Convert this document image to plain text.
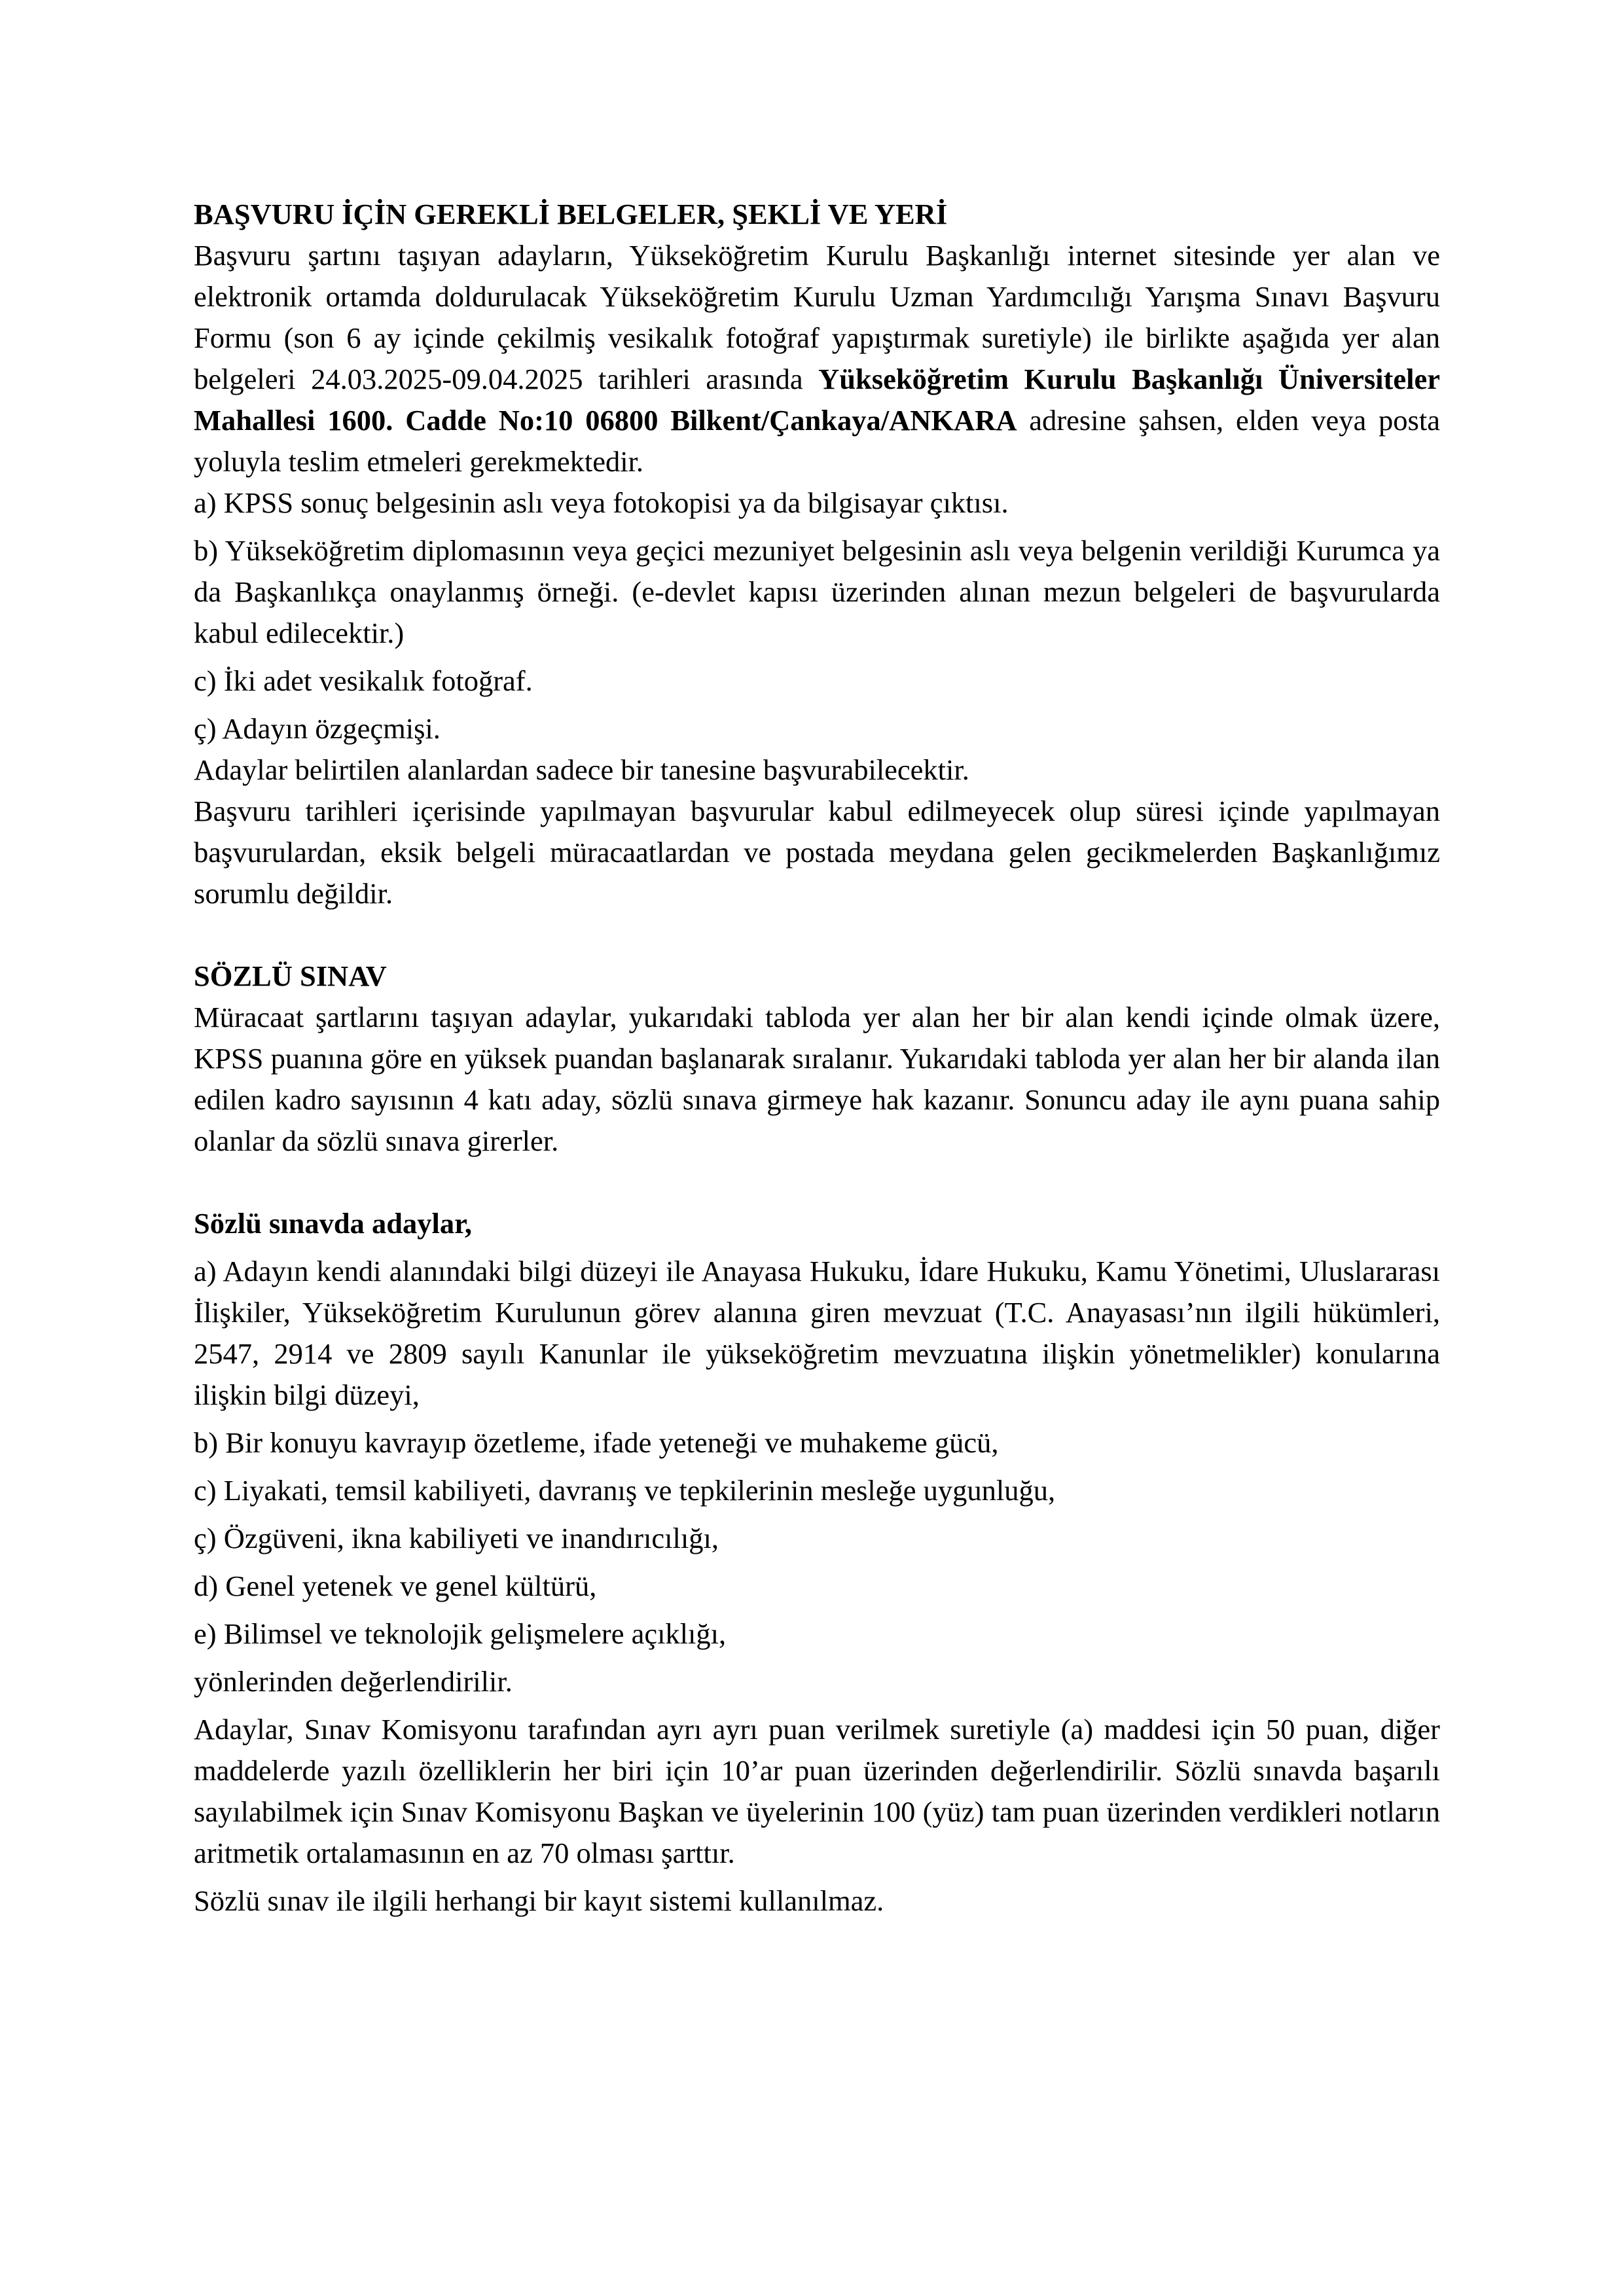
BAŞVURU İÇİN GEREKLİ BELGELER, ŞEKLİ VE YERİ

Başvuru şartını taşıyan adayların, Yükseköğretim Kurulu Başkanlığı internet sitesinde yer alan ve elektronik ortamda doldurulacak Yükseköğretim Kurulu Uzman Yardımcılığı Yarışma Sınavı Başvuru Formu (son 6 ay içinde çekilmiş vesikalık fotoğraf yapıştırmak suretiyle) ile birlikte aşağıda yer alan belgeleri 24.03.2025-09.04.2025 tarihleri arasında Yükseköğretim Kurulu Başkanlığı Üniversiteler Mahallesi 1600. Cadde No:10 06800 Bilkent/Çankaya/ANKARA adresine şahsen, elden veya posta yoluyla teslim etmeleri gerekmektedir.

a) KPSS sonuç belgesinin aslı veya fotokopisi ya da bilgisayar çıktısı.

b) Yükseköğretim diplomasının veya geçici mezuniyet belgesinin aslı veya belgenin verildiği Kurumca ya da Başkanlıkça onaylanmış örneği. (e-devlet kapısı üzerinden alınan mezun belgeleri de başvurularda kabul edilecektir.)

c) İki adet vesikalık fotoğraf.

ç) Adayın özgeçmişi.

Adaylar belirtilen alanlardan sadece bir tanesine başvurabilecektir.

Başvuru tarihleri içerisinde yapılmayan başvurular kabul edilmeyecek olup süresi içinde yapılmayan başvurulardan, eksik belgeli müracaatlardan ve postada meydana gelen gecikmelerden Başkanlığımız sorumlu değildir.

SÖZLÜ SINAV

Müracaat şartlarını taşıyan adaylar, yukarıdaki tabloda yer alan her bir alan kendi içinde olmak üzere, KPSS puanına göre en yüksek puandan başlanarak sıralanır. Yukarıdaki tabloda yer alan her bir alanda ilan edilen kadro sayısının 4 katı aday, sözlü sınava girmeye hak kazanır. Sonuncu aday ile aynı puana sahip olanlar da sözlü sınava girerler.

Sözlü sınavda adaylar,

a) Adayın kendi alanındaki bilgi düzeyi ile Anayasa Hukuku, İdare Hukuku, Kamu Yönetimi, Uluslararası İlişkiler, Yükseköğretim Kurulunun görev alanına giren mevzuat (T.C. Anayasası’nın ilgili hükümleri, 2547, 2914 ve 2809 sayılı Kanunlar ile yükseköğretim mevzuatına ilişkin yönetmelikler) konularına ilişkin bilgi düzeyi,

b) Bir konuyu kavrayıp özetleme, ifade yeteneği ve muhakeme gücü,

c) Liyakati, temsil kabiliyeti, davranış ve tepkilerinin mesleğe uygunluğu,

ç) Özgüveni, ikna kabiliyeti ve inandırıcılığı,

d) Genel yetenek ve genel kültürü,

e) Bilimsel ve teknolojik gelişmelere açıklığı,

yönlerinden değerlendirilir.

Adaylar, Sınav Komisyonu tarafından ayrı ayrı puan verilmek suretiyle (a) maddesi için 50 puan, diğer maddelerde yazılı özelliklerin her biri için 10’ar puan üzerinden değerlendirilir. Sözlü sınavda başarılı sayılabilmek için Sınav Komisyonu Başkan ve üyelerinin 100 (yüz) tam puan üzerinden verdikleri notların aritmetik ortalamasının en az 70 olması şarttır.

Sözlü sınav ile ilgili herhangi bir kayıt sistemi kullanılmaz.
